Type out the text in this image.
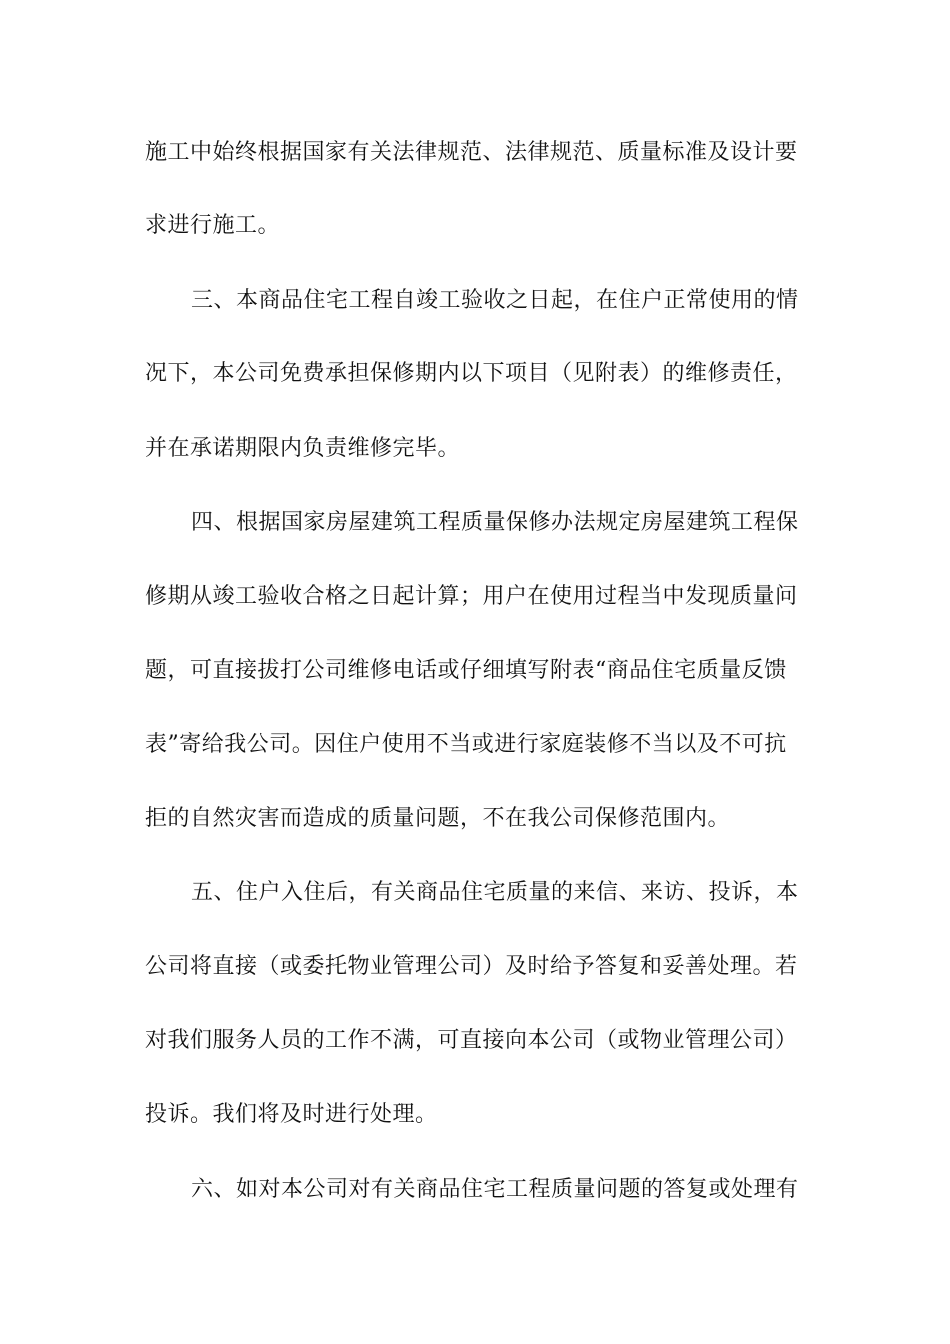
施工中始终根据国家有关法律规范、法律规范、质量标准及设计要
求进行施工。
三、本商品住宅工程自竣工验收之日起，在住户正常使用的情
况下，本公司免费承担保修期内以下项目（见附表）的维修责任，
并在承诺期限内负责维修完毕。
四、根据国家房屋建筑工程质量保修办法规定房屋建筑工程保
修期从竣工验收合格之日起计算；用户在使用过程当中发现质量问
题，可直接拔打公司维修电话或仔细填写附表“商品住宅质量反馈
表”寄给我公司。因住户使用不当或进行家庭装修不当以及不可抗
拒的自然灾害而造成的质量问题，不在我公司保修范围内。
五、住户入住后，有关商品住宅质量的来信、来访、投诉，本
公司将直接（或委托物业管理公司）及时给予答复和妥善处理。若
对我们服务人员的工作不满，可直接向本公司（或物业管理公司）
投诉。我们将及时进行处理。
六、如对本公司对有关商品住宅工程质量问题的答复或处理有
